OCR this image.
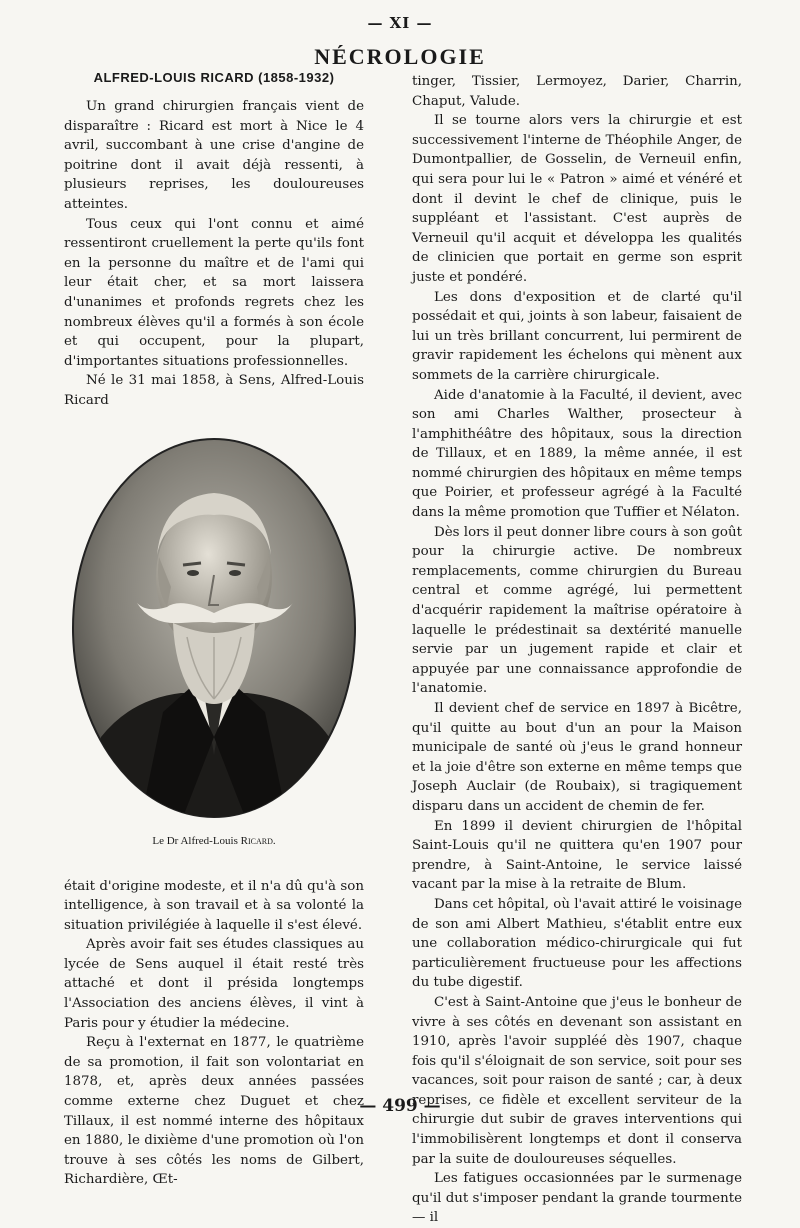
— XI —
NÉCROLOGIE
ALFRED-LOUIS RICARD (1858-1932)

Un grand chirurgien français vient de disparaître : Ricard est mort à Nice le 4 avril, succombant à une crise d'angine de poitrine dont il avait déjà ressenti, à plusieurs reprises, les douloureuses atteintes.

Tous ceux qui l'ont connu et aimé ressentiront cruellement la perte qu'ils font en la personne du maître et de l'ami qui leur était cher, et sa mort laissera d'unanimes et profonds regrets chez les nombreux élèves qu'il a formés à son école et qui occupent, pour la plupart, d'importantes situations professionnelles.

Né le 31 mai 1858, à Sens, Alfred-Louis Ricard

Le Dr Alfred-Louis Ricard.

était d'origine modeste, et il n'a dû qu'à son intelligence, à son travail et à sa volonté la situation privilégiée à laquelle il s'est élevé.

Après avoir fait ses études classiques au lycée de Sens auquel il était resté très attaché et dont il présida longtemps l'Association des anciens élèves, il vint à Paris pour y étudier la médecine.

Reçu à l'externat en 1877, le quatrième de sa promotion, il fait son volontariat en 1878, et, après deux années passées comme externe chez Duguet et chez Tillaux, il est nommé interne des hôpitaux en 1880, le dixième d'une promotion où l'on trouve à ses côtés les noms de Gilbert, Richardière, Œt-

tinger, Tissier, Lermoyez, Darier, Charrin, Chaput, Valude.

Il se tourne alors vers la chirurgie et est successivement l'interne de Théophile Anger, de Dumontpallier, de Gosselin, de Verneuil enfin, qui sera pour lui le « Patron » aimé et vénéré et dont il devint le chef de clinique, puis le suppléant et l'assistant. C'est auprès de Verneuil qu'il acquit et développa les qualités de clinicien que portait en germe son esprit juste et pondéré.

Les dons d'exposition et de clarté qu'il possédait et qui, joints à son labeur, faisaient de lui un très brillant concurrent, lui permirent de gravir rapidement les échelons qui mènent aux sommets de la carrière chirurgicale.

Aide d'anatomie à la Faculté, il devient, avec son ami Charles Walther, prosecteur à l'amphithéâtre des hôpitaux, sous la direction de Tillaux, et en 1889, la même année, il est nommé chirurgien des hôpitaux en même temps que Poirier, et professeur agrégé à la Faculté dans la même promotion que Tuffier et Nélaton.

Dès lors il peut donner libre cours à son goût pour la chirurgie active. De nombreux remplacements, comme chirurgien du Bureau central et comme agrégé, lui permettent d'acquérir rapidement la maîtrise opératoire à laquelle le prédestinait sa dextérité manuelle servie par un jugement rapide et clair et appuyée par une connaissance approfondie de l'anatomie.

Il devient chef de service en 1897 à Bicêtre, qu'il quitte au bout d'un an pour la Maison municipale de santé où j'eus le grand honneur et la joie d'être son externe en même temps que Joseph Auclair (de Roubaix), si tragiquement disparu dans un accident de chemin de fer.

En 1899 il devient chirurgien de l'hôpital Saint-Louis qu'il ne quittera qu'en 1907 pour prendre, à Saint-Antoine, le service laissé vacant par la mise à la retraite de Blum.

Dans cet hôpital, où l'avait attiré le voisinage de son ami Albert Mathieu, s'établit entre eux une collaboration médico-chirurgicale qui fut particulièrement fructueuse pour les affections du tube digestif.

C'est à Saint-Antoine que j'eus le bonheur de vivre à ses côtés en devenant son assistant en 1910, après l'avoir suppléé dès 1907, chaque fois qu'il s'éloignait de son service, soit pour ses vacances, soit pour raison de santé ; car, à deux reprises, ce fidèle et excellent serviteur de la chirurgie dut subir de graves interventions qui l'immobilisèrent longtemps et dont il conserva par la suite de douloureuses séquelles.

Les fatigues occasionnées par le surmenage qu'il dut s'imposer pendant la grande tourmente — il

— 499 —
